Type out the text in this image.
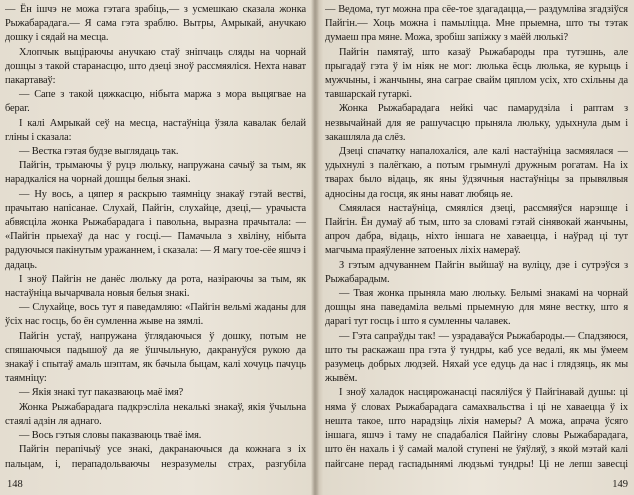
— Ён ішчэ не можа гэтага зрабіць,— з усмешкаю сказала жонка Рыжабарадага.— Я сама гэта зраблю. Вытры, Амрыкай, анучкаю дошку і сядай на месца.

Хлопчык выціраючы анучкаю стаў зніпчаць сляды на чорнай дошцы з такой старанасцю, што дзеці зноў рассмяяліся. Нехта нават пакартаваў:

— Сапе з такой цяжкасцю, нібыта маржа з мора выцягвае на бераг.

І калі Амрыкай сеў на месца, настаўніца ўзяла кавалак белай гліны і сказала:

— Вестка гэтая будзе выглядаць так.

Пайгін, трымаючы ў руцэ люльку, напружана сачыў за тым, як нарадкаліся на чорнай дошцы белыя знакі.

— Ну вось, а цяпер я раскрыю таямніцу знакаў гэтай вестві, прачытаю напісанае. Слухай, Пайгін, слухайце, дзеці,— урачыста абвясціла жонка Рыжабарадага і павольна, выразна прачытала: — «Пайгін прыехаў да нас у госці.— Памачыла з хвіліну, нібыта радуючыся пакінутым уражаннем, і сказала: — Я магу тое-сёе яшчэ і дадаць.

І зноў Пайгін не данёс люльку да рота, назіраючы за тым, як настаўніца вычарчвала новыя белыя знакі.

— Слухайце, вось тут я паведамляю: «Пайгін вельмі жаданы для ўсіх нас госць, бо ён сумленна жыве на зямлі.

Пайгін устаў, напружана ўглядаючыся ў дошку, потым не спяшаючыся падышоў да яе ўшчыльную, дакрануўся рукою да знакаў і спытаў амаль шэптам, як бачыла быцам, калі хочуць пачуць таямніцу:

— Якія знакі тут паказваюць маё імя?

Жонка Рыжабарадага падкрэсліла некалькі знакаў, якія ўчыльна стаялі адзін ля аднаго.

— Вось гэтыя словы паказваюць тваё імя.

Пайгін перапічыў усе знакі, дакранаючыся да кожнага з іх пальцам, і, перападольваючы незразумелы страх, разгубіла

148

— Ведома, тут можна пра сёе-тое здагадацца,— раздумліва згадзіўся Пайгін.— Хоць можна і памыліцца. Мне прыемна, што ты тэтак думаеш пра мяне. Можа, зробіш запіжку з маёй люлькі?

Пайгін памятаў, што казаў Рыжабароды пра тутэшнь, але прыгадаў гэта ў ім ніяк не мог: люлька ёсць люлька, яе курыць і мужчыны, і жанчыны, яна саграе свайм цяплом усіх, хто схільны да тавшарскай гутаркі.

Жонка Рыжабарадага нейкі час памарудзіла і раптам з незвычайнай для яе рашучасцю прыняла люльку, удыхнула дым і закашляла да слёз.

Дзеці спачатку напалохаліся, але калі настаўніца засмяялася — удыхнулі з палёгкаю, а потым грымнулі дружным рогатам. На іх тварах было відаць, як яны ўдзячныя настаўніцы за прывялвыя адносіны да госця, як яны нават любяць яе.

Смяялася настаўніца, смяяліся дзеці, рассмяяўся нарэшце і Пайгін. Ён думаў аб тым, што за словамі гэтай сінявокай жанчыны, апроч дабра, відаць, ніхто іншага не хаваецца, і наўрад ці тут магчыма праяўленне затоеных ліхіх намераў.

З гэтым адчуваннем Пайгін выйшаў на вуліцу, дзе і сутрэўся з Рыжабарадым.

— Твая жонка прыняла маю люльку. Белымі знакамі на чорнай дошцы яна паведаміла вельмі прыемную для мяне вестку, што я дарагі тут госць і што я сумленны чалавек.

— Гэта сапраўды так! — узрадаваўся Рыжабароды.— Спадзяюся, што ты раскажаш пра гэта ў тундры, каб усе ведалі, як мы ўмеем разумець добрых людзей. Няхай усе едуць да нас і глядзяць, як мы жывём.

І зноў халадок насцярожанасці пасяліўся ў Пайгінавай душы: ці няма ў словах Рыжабарадага самахвальства і ці не хаваецца ў іх нешта такое, што нарадзіць ліхія намеры? А можа, апрача ўсяго іншага, яшчэ і таму не спадабаліся Пайгіну словы Рыжабарадага, што ён нахаль і ў самай малой ступені не ўяўляў, з якой мэтай калі пайгсане перад гаспадынямі людзьмі тундры! Ці не лепш завесці

149
